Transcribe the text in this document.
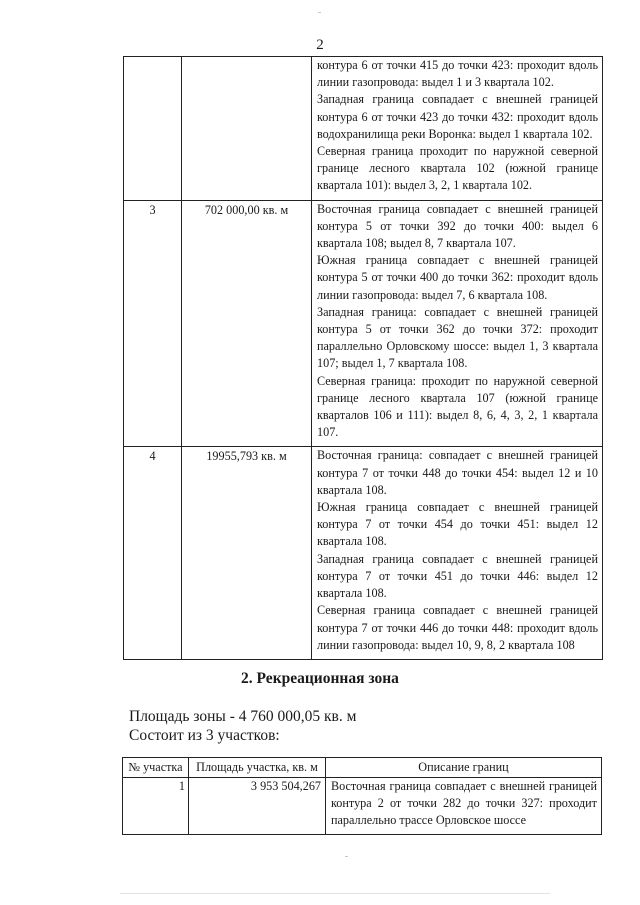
2

		контура 6 от точки 415 до точки 423: проходит вдоль линии газопровода: выдел 1 и 3 квартала 102.

Западная граница совпадает с внешней границей контура 6 от точки 423 до точки 432: проходит вдоль водохранилища реки Воронка: выдел 1 квартала 102.

Северная граница проходит по наружной северной границе лесного квартала 102 (южной границе квартала 101): выдел 3, 2, 1 квартала 102.

3	702 000,00 кв. м	Восточная граница совпадает с внешней границей контура 5 от точки 392 до точки 400: выдел 6 квартала 108; выдел 8, 7 квартала 107.

Южная граница совпадает с внешней границей контура 5 от точки 400 до точки 362: проходит вдоль линии газопровода: выдел 7, 6 квартала 108.

Западная граница: совпадает с внешней границей контура 5 от точки 362 до точки 372: проходит параллельно Орловскому шоссе: выдел 1, 3 квартала 107; выдел 1, 7 квартала 108.

Северная граница: проходит по наружной северной границе лесного квартала 107 (южной границе кварталов 106 и 111): выдел 8, 6, 4, 3, 2, 1 квартала 107.

4	19955,793 кв. м	Восточная граница: совпадает с внешней границей контура 7 от точки 448 до точки 454: выдел 12 и 10 квартала 108.

Южная граница совпадает с внешней границей контура 7 от точки 454 до точки 451: выдел 12 квартала 108.

Западная граница совпадает с внешней границей контура 7 от точки 451 до точки 446: выдел 12 квартала 108.

Северная граница совпадает с внешней границей контура 7 от точки 446 до точки 448: проходит вдоль линии газопровода: выдел 10, 9, 8, 2 квартала 108

2. Рекреационная зона
Площадь зоны - 4 760 000,05 кв. м
Состоит из 3 участков:
№ участка	Площадь участка, кв. м	Описание границ
1	3 953 504,267	Восточная граница совпадает с внешней границей контура 2 от точки 282 до точки 327: проходит параллельно трассе Орловское шоссе
